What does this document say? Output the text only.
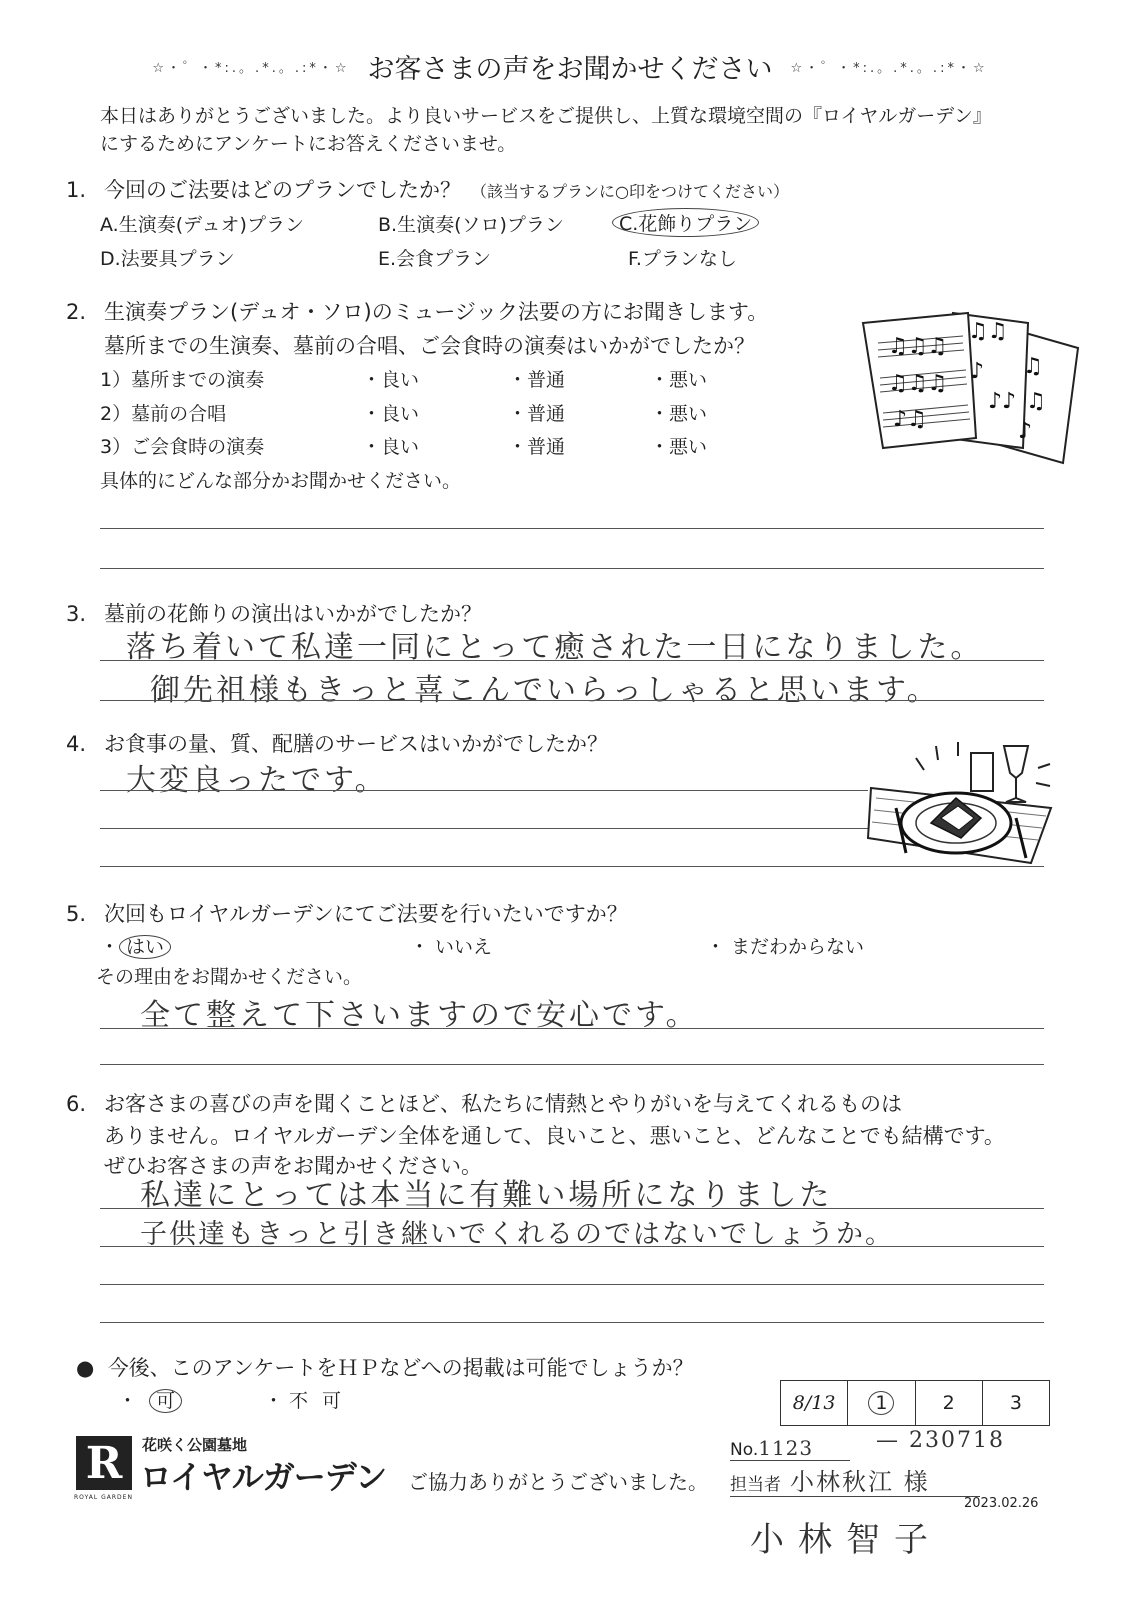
☆・゜・*:.。.*.。.:*・☆ お客さまの声をお聞かせください ☆・゜・*:.。.*.。.:*・☆
本日はありがとうございました。より良いサービスをご提供し、上質な環境空間の『ロイヤルガーデン』
にするためにアンケートにお答えくださいませ。
1. 今回のご法要はどのプランでしたか？ （該当するプランに○印をつけてください）
A.生演奏(デュオ)プラン	B.生演奏(ソロ)プラン	C.花飾りプラン
D.法要具プラン	E.会食プラン	F.プランなし
2. 生演奏プラン(デュオ・ソロ)のミュージック法要の方にお聞きします。
墓所までの生演奏、墓前の合唱、ご会食時の演奏はいかがでしたか？
1）墓所までの演奏	・良い	・普通	・悪い
2）墓前の合唱	・良い	・普通	・悪い
3）ご会食時の演奏	・良い	・普通	・悪い
具体的にどんな部分かお聞かせください。
♫♫♫
♫♫♫
♪♫
♫♫
♪
♪♪
♫
♫
♪
3. 墓前の花飾りの演出はいかがでしたか？
落ち着いて私達一同にとって癒された一日になりました。
御先祖様もきっと喜こんでいらっしゃると思います。
4. お食事の量、質、配膳のサービスはいかがでしたか？
大変良ったです。
5. 次回もロイヤルガーデンにてご法要を行いたいですか？
・ はい	・ いいえ	・ まだわからない
その理由をお聞かせください。
全て整えて下さいますので安心です。
6. お客さまの喜びの声を聞くことほど、私たちに情熱とやりがいを与えてくれるものは
ありません。ロイヤルガーデン全体を通して、良いこと、悪いこと、どんなことでも結構です。
ぜひお客さまの声をお聞かせください。
私達にとっては本当に有難い場所になりました
子供達もきっと引き継いでくれるのではないでしょうか。
● 今後、このアンケートをＨＰなどへの掲載は可能でしょうか？
・ 可	・ 不可	8/13	1	2	3
R
ROYAL GARDEN
花咲く公園墓地
ロイヤルガーデン ご協力ありがとうございました。
No.1123	— 230718
担当者 小林秋江 様
2023.02.26
小林智子
